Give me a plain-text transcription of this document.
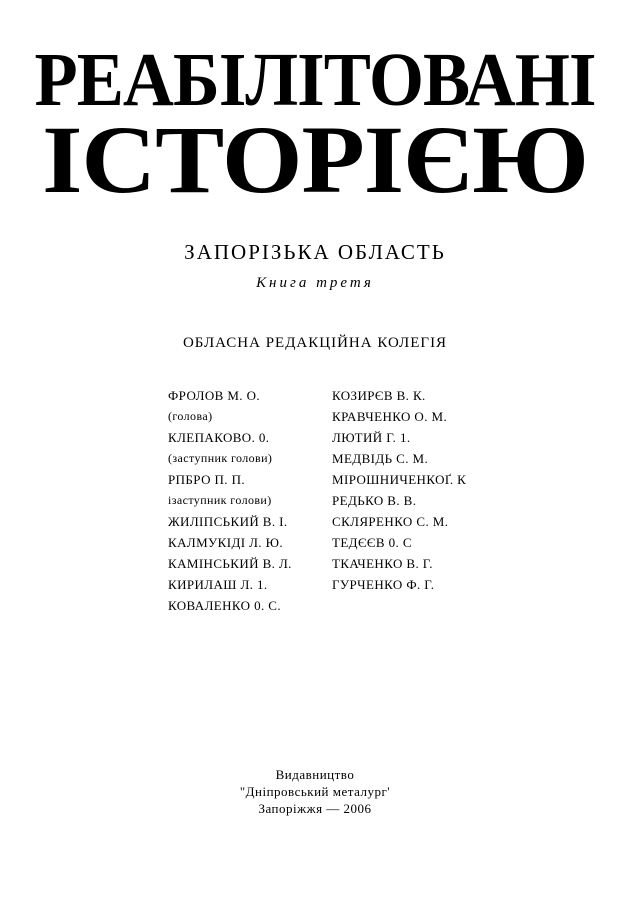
РЕАБІЛІТОВАНІ
ІСТОРІЄЮ
ЗАПОРІЗЬКА ОБЛАСТЬ
Книга третя
ОБЛАСНА РЕДАКЦІЙНА КОЛЕГІЯ
ФРОЛОВ М. О.
(голова)
КЛЕПАКОВО. 0.
(заступник голови)
РПБРО П. П.
ізаступник голови)
ЖИЛІПСЬКИЙ В. І.
КАЛМУКІДІ Л. Ю.
КАМІНСЬКИЙ В. Л.
КИРИЛАШ Л. 1.
КОВАЛЕНКО 0. С.
КОЗИРЄВ В. К.
КРАВЧЕНКО О. М.
ЛЮТИЙ Г. 1.
МЕДВІДЬ С. М.
МІРОШНИЧЕНКОҐ. К
РЕДЬКО В. В.
СКЛЯРЕНКО С. М.
ТЕДЄЄВ 0. С
ТКАЧЕНКО В. Г.
ГУРЧЕНКО Ф. Г.
Видавництво
"Дніпровський металург'
Запоріжжя — 2006
